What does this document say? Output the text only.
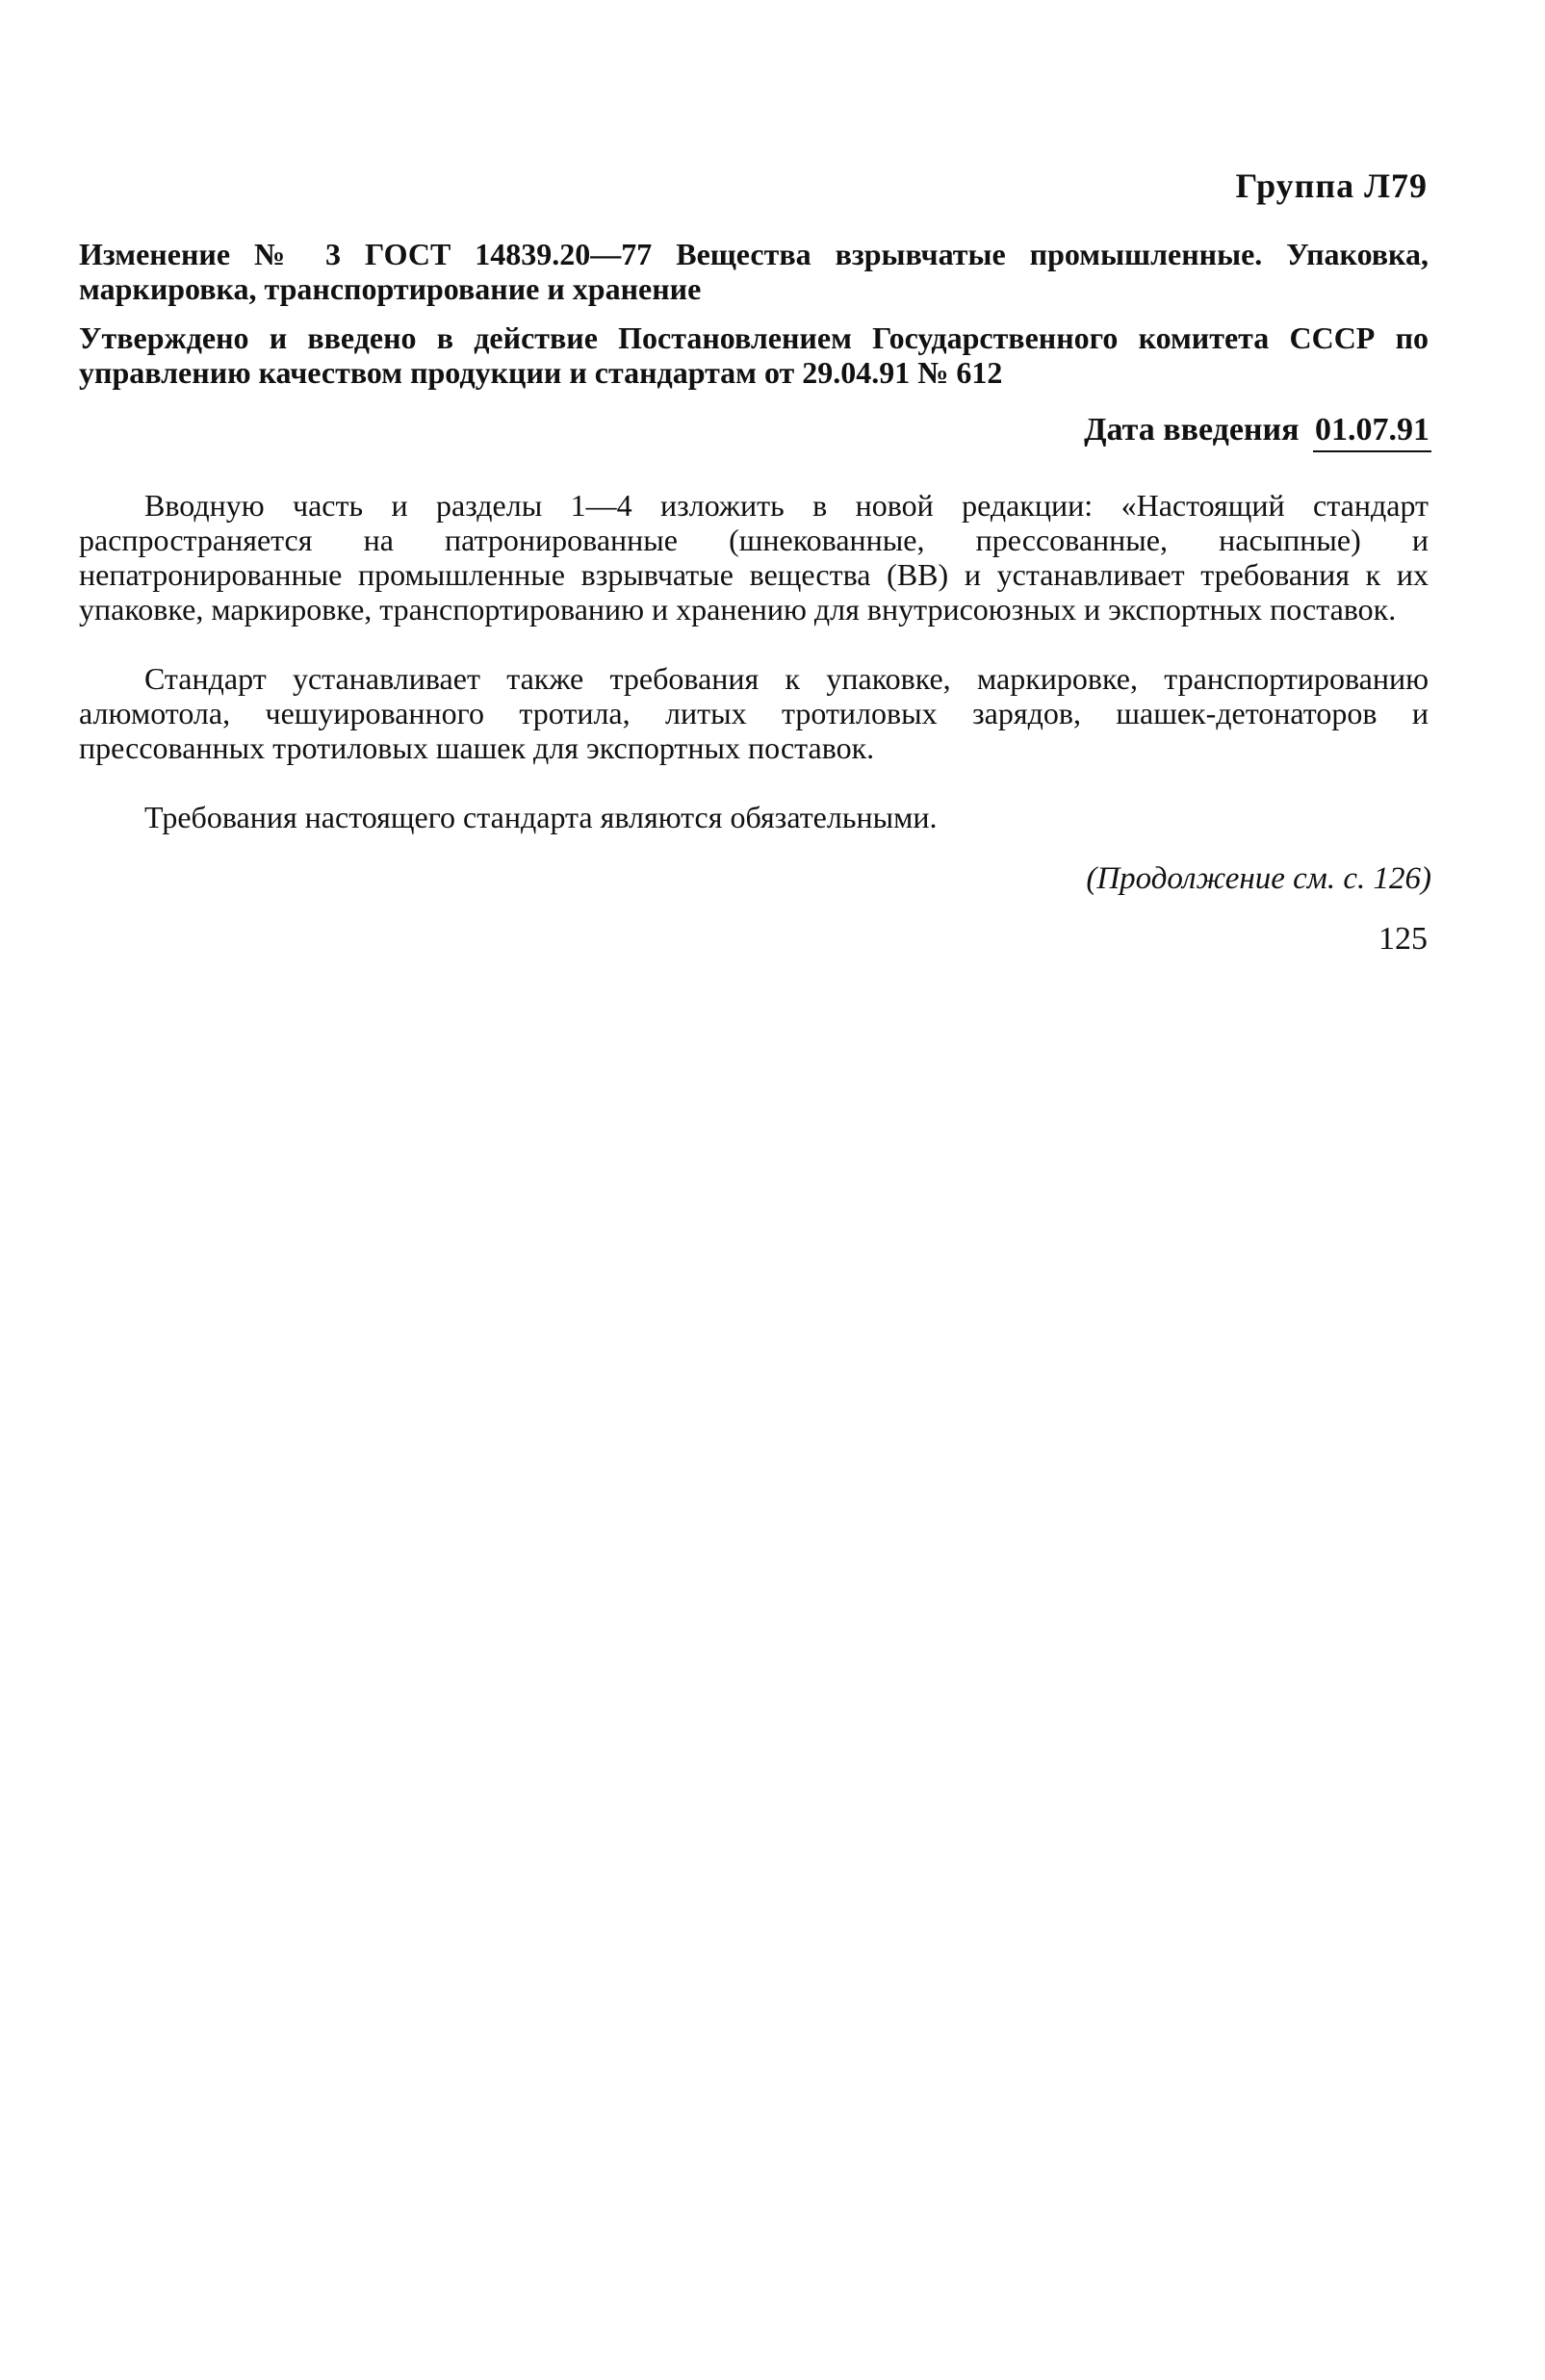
Группа Л79
Изменение № 3 ГОСТ 14839.20—77 Вещества взрывчатые промышленные. Упаковка, маркировка, транспортирование и хранение
Утверждено и введено в действие Постановлением Государственного комитета СССР по управлению качеством продукции и стандартам от 29.04.91 № 612
Дата введения 01.07.91
Вводную часть и разделы 1—4 изложить в новой редакции: «Настоящий стандарт распространяется на патронированные (шнекованные, прессованные, насыпные) и непатронированные промышленные взрывчатые вещества (ВВ) и устанавливает требования к их упаковке, маркировке, транспортированию и хранению для внутрисоюзных и экспортных поставок.
Стандарт устанавливает также требования к упаковке, маркировке, транспортированию алюмотола, чешуированного тротила, литых тротиловых зарядов, шашек-детонаторов и прессованных тротиловых шашек для экспортных поставок.
Требования настоящего стандарта являются обязательными.
(Продолжение см. с. 126)
125
